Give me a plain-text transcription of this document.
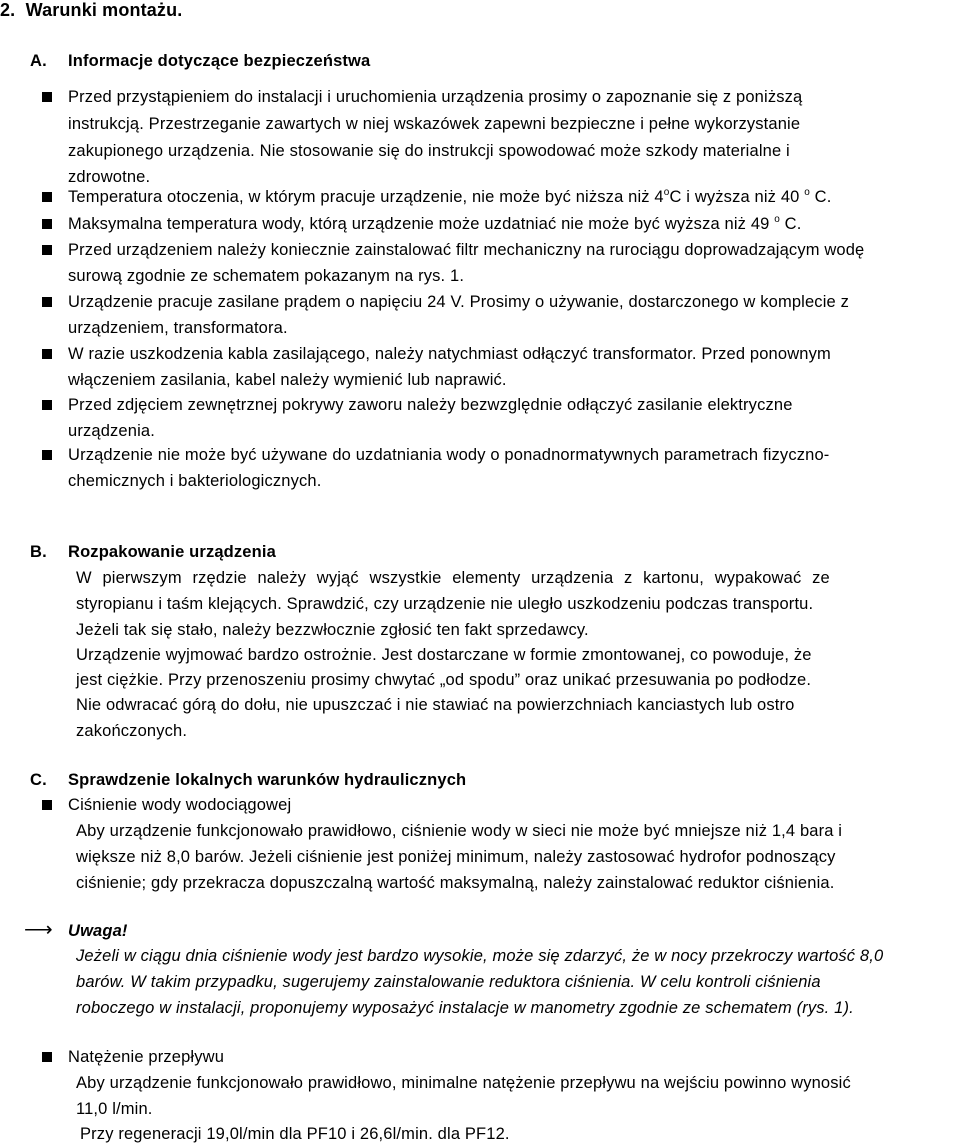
2. Warunki montażu.
A. Informacje dotyczące bezpieczeństwa
Przed przystąpieniem do instalacji i uruchomienia urządzenia prosimy o zapoznanie się z poniższą
instrukcją. Przestrzeganie zawartych w niej wskazówek zapewni bezpieczne i pełne wykorzystanie
zakupionego urządzenia. Nie stosowanie się do instrukcji spowodować może szkody materialne i
zdrowotne.
Temperatura otoczenia, w którym pracuje urządzenie, nie może być niższa niż 4$^o$C i wyższa niż 40 $^o$ C.
Maksymalna temperatura wody, którą urządzenie może uzdatniać nie może być wyższa niż 49 $^o$ C.
Przed urządzeniem należy koniecznie zainstalować filtr mechaniczny na rurociągu doprowadzającym wodę
surową zgodnie ze schematem pokazanym na rys. 1.
Urządzenie pracuje zasilane prądem o napięciu 24 V. Prosimy o używanie, dostarczonego w komplecie z
urządzeniem, transformatora.
W razie uszkodzenia kabla zasilającego, należy natychmiast odłączyć transformator. Przed ponownym
włączeniem zasilania, kabel należy wymienić lub naprawić.
Przed zdjęciem zewnętrznej pokrywy zaworu należy bezwzględnie odłączyć zasilanie elektryczne
urządzenia.
Urządzenie nie może być używane do uzdatniania wody o ponadnormatywnych parametrach fizyczno-
chemicznych i bakteriologicznych.
B. Rozpakowanie urządzenia
W pierwszym rzędzie należy wyjąć wszystkie elementy urządzenia z kartonu, wypakować ze
styropianu i taśm klejących. Sprawdzić, czy urządzenie nie uległo uszkodzeniu podczas transportu.
Jeżeli tak się stało, należy bezzwłocznie zgłosić ten fakt sprzedawcy.
Urządzenie wyjmować bardzo ostrożnie. Jest dostarczane w formie zmontowanej, co powoduje, że
jest ciężkie. Przy przenoszeniu prosimy chwytać „od spodu” oraz unikać przesuwania po podłodze.
Nie odwracać górą do dołu, nie upuszczać i nie stawiać na powierzchniach kanciastych lub ostro
zakończonych.
C. Sprawdzenie lokalnych warunków hydraulicznych
Ciśnienie wody wodociągowej
Aby urządzenie funkcjonowało prawidłowo, ciśnienie wody w sieci nie może być mniejsze niż 1,4 bara i
większe niż 8,0 barów. Jeżeli ciśnienie jest poniżej minimum, należy zastosować hydrofor podnoszący
ciśnienie; gdy przekracza dopuszczalną wartość maksymalną, należy zainstalować reduktor ciśnienia.
⟶ Uwaga!
Jeżeli w ciągu dnia ciśnienie wody jest bardzo wysokie, może się zdarzyć, że w nocy przekroczy wartość 8,0
barów. W takim przypadku, sugerujemy zainstalowanie reduktora ciśnienia. W celu kontroli ciśnienia
roboczego w instalacji, proponujemy wyposażyć instalacje w manometry zgodnie ze schematem (rys. 1).
Natężenie przepływu
Aby urządzenie funkcjonowało prawidłowo, minimalne natężenie przepływu na wejściu powinno wynosić
11,0 l/min.
Przy regeneracji 19,0l/min dla PF10 i 26,6l/min. dla PF12.
